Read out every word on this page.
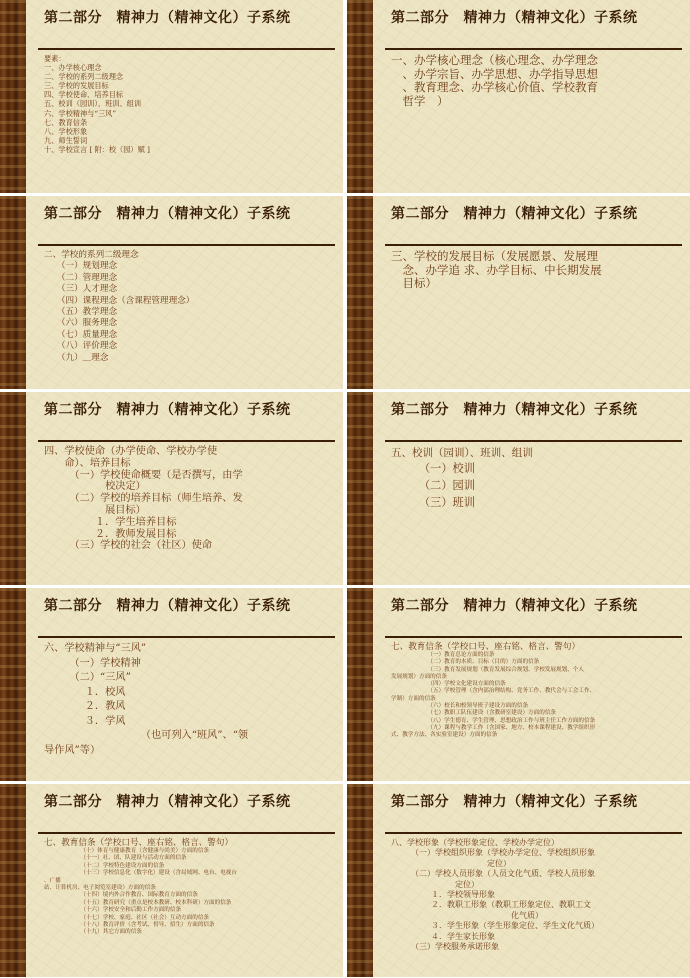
第二部分　精神力（精神文化）子系统
要素：
一、办学核心理念
二、学校的系列二级理念
三、学校的发展目标
四、学校使命、培养目标
五、校训（园训）、班训、组训
六、学校精神与“三风”
七、教育信条
八、学校形象
九、师生誓词
十、学校宣言 [ 附：校（园）赋 ]
第二部分　精神力（精神文化）子系统
一、办学核心理念（核心理念、办学理念
　、办学宗旨、办学思想、办学指导思想
　、教育理念、办学核心价值、学校教育
　哲学　）
第二部分　精神力（精神文化）子系统
二、学校的系列二级理念
　　（一）规划理念
　　（二）管理理念
　　（三）人才理念
　　（四）课程理念（含课程管理理念）
　　（五）教学理念
　　（六）服务理念
　　（七）质量理念
　　（八）评价理念
　　（九）＿理念
第二部分　精神力（精神文化）子系统
三、学校的发展目标（发展愿景、发展理
　念、办学追 求、办学目标、中长期发展
　目标）
第二部分　精神力（精神文化）子系统
四、学校使命（办学使命、学校办学使
　　命）、培养目标
　　　（一）学校使命概要（是否撰写，由学
　　　　　　校决定）
　　　（二）学校的培养目标（师生培养、发
　　　　　　展目标）
　　　　　１．学生培养目标
　　　　　２．教师发展目标
　　　（三）学校的社会（社区）使命
第二部分　精神力（精神文化）子系统
五、校训（园训）、班训、组训
　　　（一）校训
　　　（二）园训
　　　（三）班训
第二部分　精神力（精神文化）子系统
六、学校精神与“三风”
　　　（一）学校精神
　　　（二）“三风”
　　　　１．校风
　　　　２．教风
　　　　３．学风
　　　　　　　　　　（也可列入“班风”、“领
导作风”等）
第二部分　精神力（精神文化）子系统
七、教育信条（学校口号、座右铭、格言、警句）
　　　　　　　（一）教育总论方面的信条
　　　　　　　（二）教育的本质、目标（目的）方面的信条
　　　　　　　（三）教育发展规划（教育发展综合规划、学校发展规划、个人
发展规划）方面的信条
　　　　　　　（四）学校文化建设方面的信条
　　　　　　　（五）学校管理（含内部治理结构、党务工作、教代会与工会工作、
学制）方面的信条
　　　　　　　（六）校长和校领导班子建设方面的信条
　　　　　　　（七）教职工队伍建设（含教研室建设）方面的信条
　　　　　　　（八）学生德育、学生管理、思想政治工作与班主任工作方面的信条
　　　　　　　（九）课程与教学工作（含国家、地方、校本课程建设、教学组织形
式、教学方法、各实验室建设）方面的信条
第二部分　精神力（精神文化）子系统
七、教育信条（学校口号、座右铭、格言、警句）
　　　　　　　（十）体育与健康教育（含健康与尚美）方面的信条
　　　　　　　（十一）社、团、队建设与活动方面的信条
　　　　　　　（十二）学校特色建设方面的信条
　　　　　　　（十三）学校信息化（数字化）建设（含局域网、电台、电视台
、广播
站、计算机房、电子阅览室建设）方面的信条
　　　　　　　（十四）境内外合作教育、国际教育方面的信条
　　　　　　　（十五）教育研究（重点是校本教研、校本科研）方面的信条
　　　　　　　（十六）学校安全和后勤工作方面的信条
　　　　　　　（十七）学校、家庭、社区（社会）互动方面的信条
　　　　　　　（十八）教育评价（含考试、督导、招生）方面的信条
　　　　　　　（十九）其它方面的信条
第二部分　精神力（精神文化）子系统
八、学校形象（学校形象定位、学校办学定位）
　　　（一）学校组织形象（学校办学定位、学校组织形象
　　　　　　　　　　　　定位）
　　　（二）学校人员形象（人员文化气质、学校人员形象
　　　　　　　　定位）
　　　　　１．学校领导形象
　　　　　２．教职工形象（教职工形象定位、教职工文
　　　　　　　　　　　　　　　化气质）
　　　　　３．学生形象（学生形象定位、学生文化气质）
　　　　　４．学生家长形象
　　　（三）学校服务承诺形象
